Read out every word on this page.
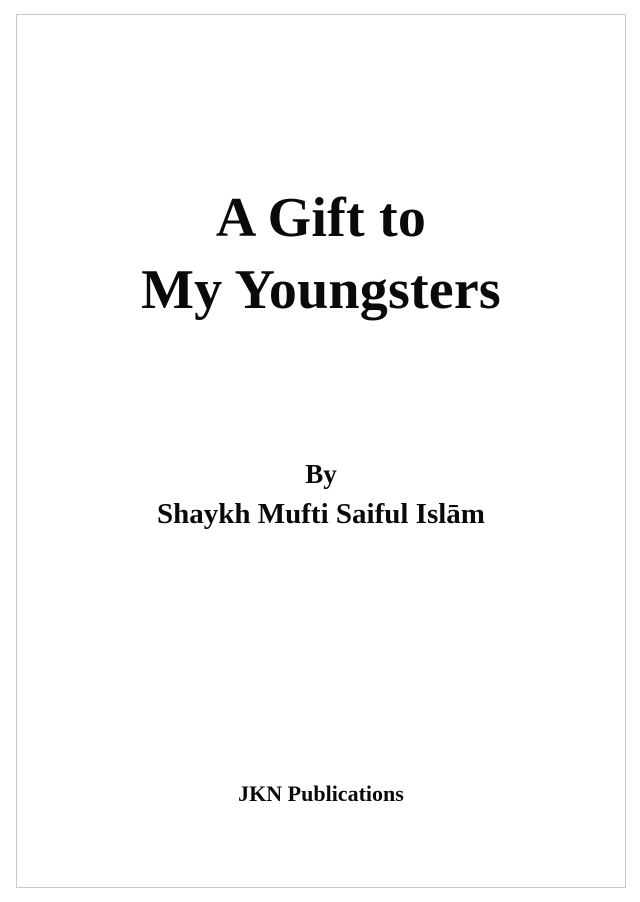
A Gift to
My Youngsters
By
Shaykh Mufti Saiful Islām
JKN Publications
